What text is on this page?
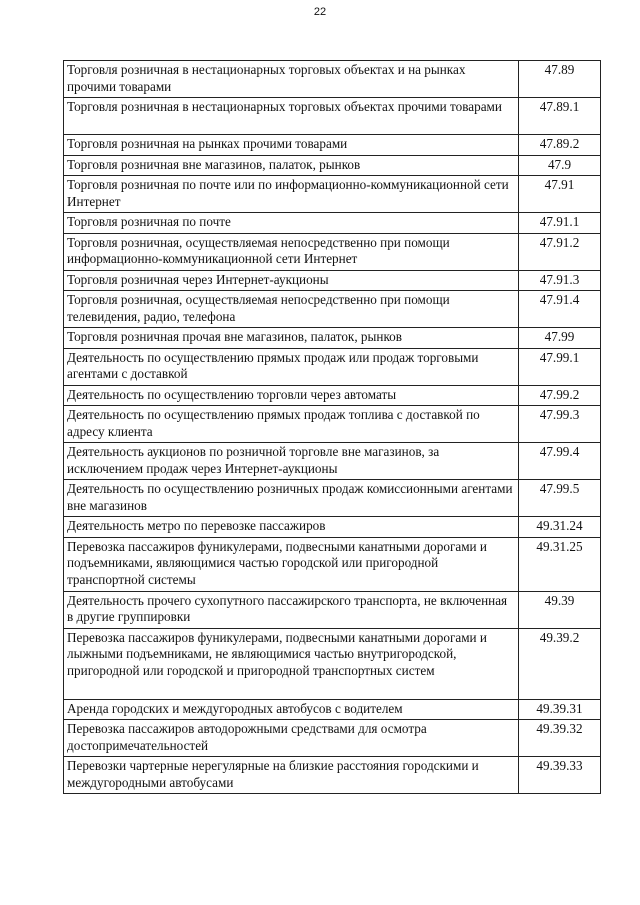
22
Торговля розничная в нестационарных торговых объектах и на рынках прочими товарами	47.89
Торговля розничная в нестационарных торговых объектах прочими товарами	47.89.1
Торговля розничная на рынках прочими товарами	47.89.2
Торговля розничная вне магазинов, палаток, рынков	47.9
Торговля розничная по почте или по информационно-коммуникационной сети Интернет	47.91
Торговля розничная по почте	47.91.1
Торговля розничная, осуществляемая непосредственно при помощи информационно-коммуникационной сети Интернет	47.91.2
Торговля розничная через Интернет-аукционы	47.91.3
Торговля розничная, осуществляемая непосредственно при помощи телевидения, радио, телефона	47.91.4
Торговля розничная прочая вне магазинов, палаток, рынков	47.99
Деятельность по осуществлению прямых продаж или продаж торговыми агентами с доставкой	47.99.1
Деятельность по осуществлению торговли через автоматы	47.99.2
Деятельность по осуществлению прямых продаж топлива с доставкой по адресу клиента	47.99.3
Деятельность аукционов по розничной торговле вне магазинов, за исключением продаж через Интернет-аукционы	47.99.4
Деятельность по осуществлению розничных продаж комиссионными агентами вне магазинов	47.99.5
Деятельность метро по перевозке пассажиров	49.31.24
Перевозка пассажиров фуникулерами, подвесными канатными дорогами и подъемниками, являющимися частью городской или пригородной транспортной системы	49.31.25
Деятельность прочего сухопутного пассажирского транспорта, не включенная в другие группировки	49.39
Перевозка пассажиров фуникулерами, подвесными канатными дорогами и лыжными подъемниками, не являющимися частью внутригородской, пригородной или городской и пригородной транспортных систем	49.39.2
Аренда городских и междугородных автобусов с водителем	49.39.31
Перевозка пассажиров автодорожными средствами для осмотра достопримечательностей	49.39.32
Перевозки чартерные нерегулярные на близкие расстояния городскими и междугородными автобусами	49.39.33
